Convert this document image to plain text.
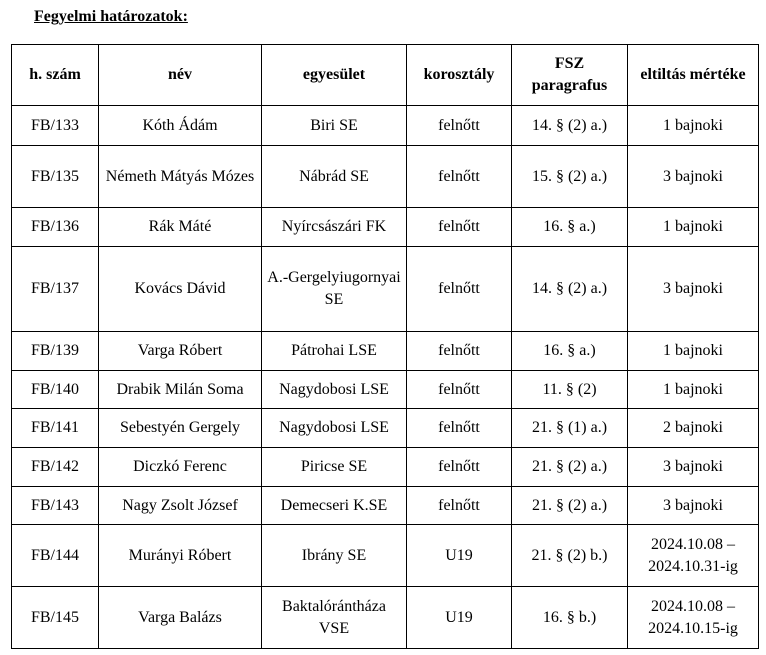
Fegyelmi határozatok:
h. szám	név	egyesület	korosztály	FSZ paragrafus	eltiltás mértéke
FB/133	Kóth Ádám	Biri SE	felnőtt	14. § (2) a.)	1 bajnoki
FB/135	Németh Mátyás Mózes	Nábrád SE	felnőtt	15. § (2) a.)	3 bajnoki
FB/136	Rák Máté	Nyírcsászári FK	felnőtt	16. § a.)	1 bajnoki
FB/137	Kovács Dávid	A.-Gergelyiugornyai SE	felnőtt	14. § (2) a.)	3 bajnoki
FB/139	Varga Róbert	Pátrohai LSE	felnőtt	16. § a.)	1 bajnoki
FB/140	Drabik Milán Soma	Nagydobosi LSE	felnőtt	11. § (2)	1 bajnoki
FB/141	Sebestyén Gergely	Nagydobosi LSE	felnőtt	21. § (1) a.)	2 bajnoki
FB/142	Diczkó Ferenc	Piricse SE	felnőtt	21. § (2) a.)	3 bajnoki
FB/143	Nagy Zsolt József	Demecseri K.SE	felnőtt	21. § (2) a.)	3 bajnoki
FB/144	Murányi Róbert	Ibrány SE	U19	21. § (2) b.)	2024.10.08 – 2024.10.31-ig
FB/145	Varga Balázs	Baktalórántháza VSE	U19	16. § b.)	2024.10.08 – 2024.10.15-ig
